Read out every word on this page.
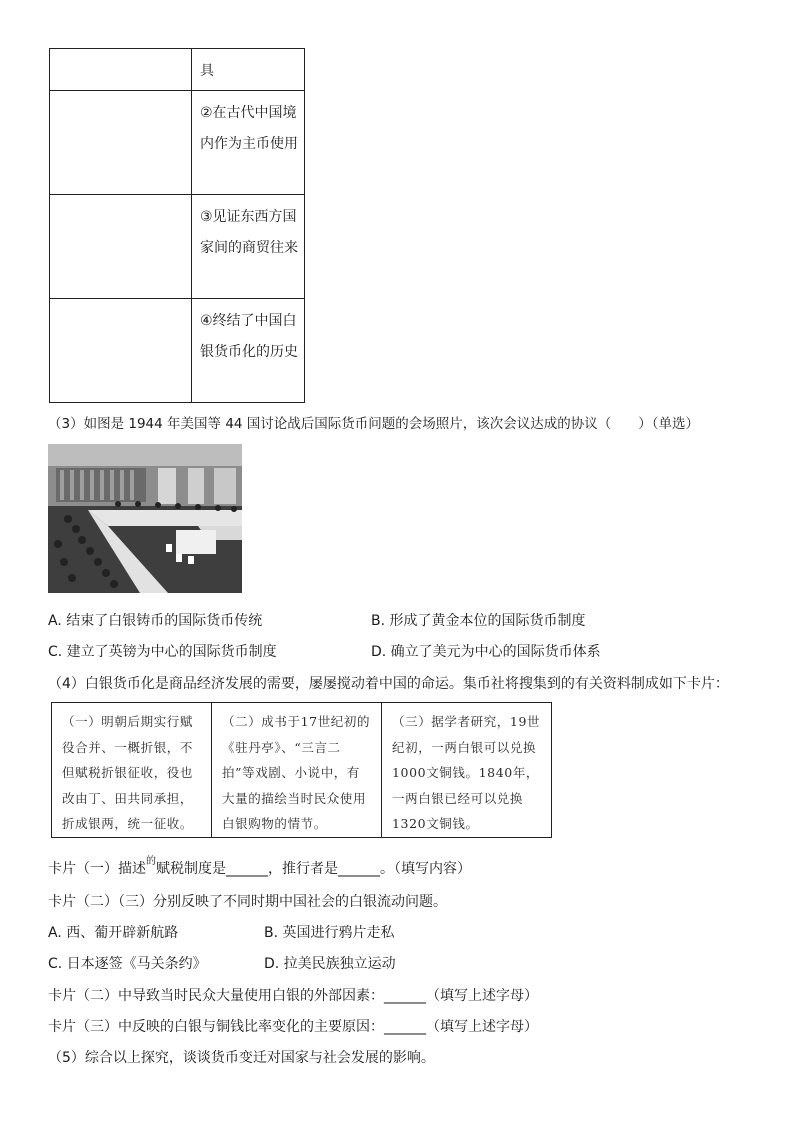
	具
	②在古代中国境内作为主币使用
	③见证东西方国家间的商贸往来
	④终结了中国白银货币化的历史
（3）如图是 1944 年美国等 44 国讨论战后国际货币问题的会场照片，该次会议达成的协议（　　）（单选）
A. 结束了白银铸币的国际货币传统	B. 形成了黄金本位的国际货币制度
C. 建立了英镑为中心的国际货币制度	D. 确立了美元为中心的国际货币体系
（4）白银货币化是商品经济发展的需要，屡屡搅动着中国的命运。集币社将搜集到的有关资料制成如下卡片：
（一）明朝后期实行赋役合并、一概折银，不但赋税折银征收，役也改由丁、田共同承担，折成银两，统一征收。
（二）成书于17世纪初的《驻丹亭》、“三言二拍”等戏剧、小说中，有大量的描绘当时民众使用白银购物的情节。
（三）据学者研究，19世纪初，一两白银可以兑换1000文铜钱。1840年，一两白银已经可以兑换1320文铜钱。
卡片（一）描述 的 赋税制度是______，推行者是______。（填写内容）
卡片（二）（三）分别反映了不同时期中国社会的白银流动问题。
A. 西、葡开辟新航路	B. 英国进行鸦片走私
C. 日本逐签《马关条约》	D. 拉美民族独立运动
卡片（二）中导致当时民众大量使用白银的外部因素：______（填写上述字母）
卡片（三）中反映的白银与铜钱比率变化的主要原因：______（填写上述字母）
（5）综合以上探究，谈谈货币变迁对国家与社会发展的影响。
